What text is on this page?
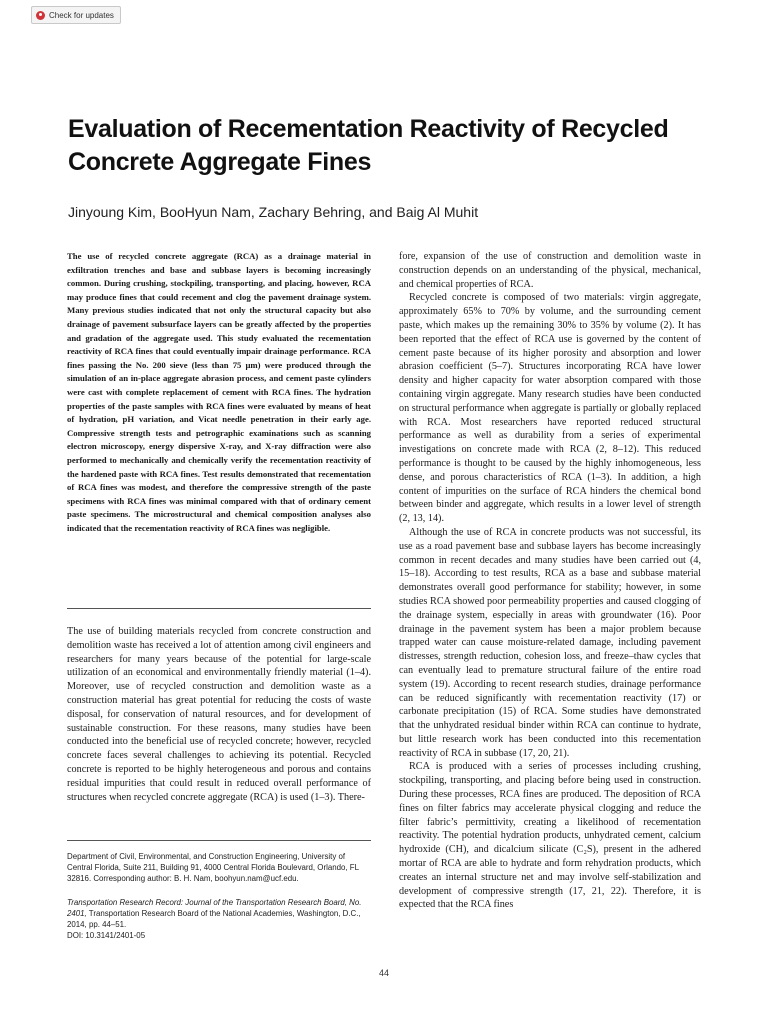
Check for updates
Evaluation of Recementation Reactivity of Recycled Concrete Aggregate Fines

Jinyoung Kim, BooHyun Nam, Zachary Behring, and Baig Al Muhit

The use of recycled concrete aggregate (RCA) as a drainage material in exfiltration trenches and base and subbase layers is becoming increasingly common. During crushing, stockpiling, transporting, and placing, however, RCA may produce fines that could recement and clog the pavement drainage system. Many previous studies indicated that not only the structural capacity but also drainage of pavement subsurface layers can be greatly affected by the properties and gradation of the aggregate used. This study evaluated the recementation reactivity of RCA fines that could eventually impair drainage performance. RCA fines passing the No. 200 sieve (less than 75 μm) were produced through the simulation of an in-place aggregate abrasion process, and cement paste cylinders were cast with complete replacement of cement with RCA fines. The hydration properties of the paste samples with RCA fines were evaluated by means of heat of hydration, pH variation, and Vicat needle penetration in their early age. Compressive strength tests and petrographic examinations such as scanning electron microscopy, energy dispersive X-ray, and X-ray diffraction were also performed to mechanically and chemically verify the recementation reactivity of the hardened paste with RCA fines. Test results demonstrated that recementation of RCA fines was modest, and therefore the compressive strength of the paste specimens with RCA fines was minimal compared with that of ordinary cement paste specimens. The microstructural and chemical composition analyses also indicated that the recementation reactivity of RCA fines was negligible.

The use of building materials recycled from concrete construction and demolition waste has received a lot of attention among civil engineers and researchers for many years because of the potential for large-scale utilization of an economical and environmentally friendly material (1–4). Moreover, use of recycled construction and demolition waste as a construction material has great potential for reducing the costs of waste disposal, for conservation of natural resources, and for development of sustainable construction. For these reasons, many studies have been conducted into the beneficial use of recycled concrete; however, recycled concrete faces several challenges to achieving its potential. Recycled concrete is reported to be highly heterogeneous and porous and contains residual impurities that could result in reduced overall performance of structures when recycled concrete aggregate (RCA) is used (1–3). There-

Department of Civil, Environmental, and Construction Engineering, University of Central Florida, Suite 211, Building 91, 4000 Central Florida Boulevard, Orlando, FL 32816. Corresponding author: B. H. Nam, boohyun.nam@ucf.edu.

Transportation Research Record: Journal of the Transportation Research Board, No. 2401, Transportation Research Board of the National Academies, Washington, D.C., 2014, pp. 44–51.
DOI: 10.3141/2401-05

fore, expansion of the use of construction and demolition waste in construction depends on an understanding of the physical, mechanical, and chemical properties of RCA.

Recycled concrete is composed of two materials: virgin aggregate, approximately 65% to 70% by volume, and the surrounding cement paste, which makes up the remaining 30% to 35% by volume (2). It has been reported that the effect of RCA use is governed by the content of cement paste because of its higher porosity and absorption and lower abrasion coefficient (5–7). Structures incorporating RCA have lower density and higher capacity for water absorption compared with those containing virgin aggregate. Many research studies have been conducted on structural performance when aggregate is partially or globally replaced with RCA. Most researchers have reported reduced structural performance as well as durability from a series of experimental investigations on concrete made with RCA (2, 8–12). This reduced performance is thought to be caused by the highly inhomogeneous, less dense, and porous characteristics of RCA (1–3). In addition, a high content of impurities on the surface of RCA hinders the chemical bond between binder and aggregate, which results in a lower level of strength (2, 13, 14).

Although the use of RCA in concrete products was not successful, its use as a road pavement base and subbase layers has become increasingly common in recent decades and many studies have been carried out (4, 15–18). According to test results, RCA as a base and subbase material demonstrates overall good performance for stability; however, in some studies RCA showed poor permeability properties and caused clogging of the drainage system, especially in areas with groundwater (16). Poor drainage in the pavement system has been a major problem because trapped water can cause moisture-related damage, including pavement distresses, strength reduction, cohesion loss, and freeze–thaw cycles that can eventually lead to premature structural failure of the entire road system (19). According to recent research studies, drainage performance can be reduced significantly with recementation reactivity (17) or carbonate precipitation (15) of RCA. Some studies have demonstrated that the unhydrated residual binder within RCA can continue to hydrate, but little research work has been conducted into this recementation reactivity of RCA in subbase (17, 20, 21).

RCA is produced with a series of processes including crushing, stockpiling, transporting, and placing before being used in construction. During these processes, RCA fines are produced. The deposition of RCA fines on filter fabrics may accelerate physical clogging and reduce the filter fabric’s permittivity, creating a likelihood of recementation reactivity. The potential hydration products, unhydrated cement, calcium hydroxide (CH), and dicalcium silicate (C₂S), present in the adhered mortar of RCA are able to hydrate and form rehydration products, which creates an internal structure net and may involve self-stabilization and development of compressive strength (17, 21, 22). Therefore, it is expected that the RCA fines

44
